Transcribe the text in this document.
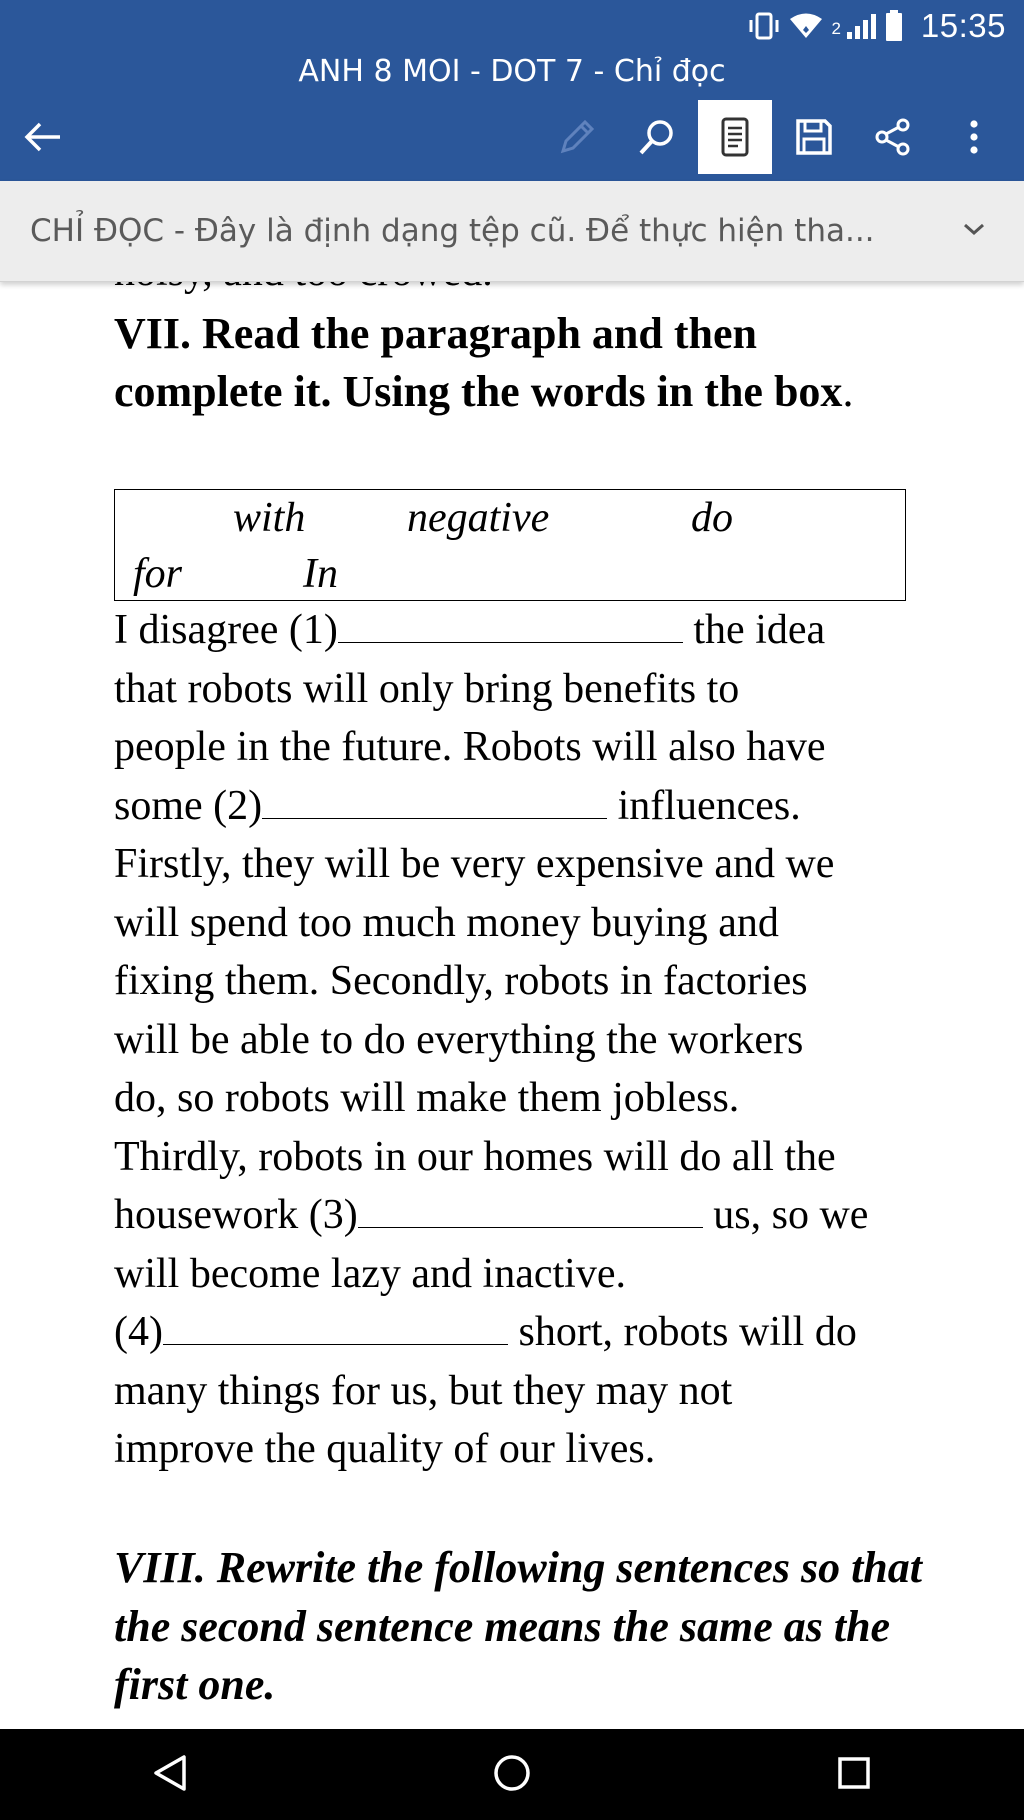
2 15:35
ANH 8 MOI - DOT 7 - Chỉ đọc
CHỈ ĐỌC - Đây là định dạng tệp cũ. Để thực hiện tha...
VII. Read the paragraph and then complete it. Using the words in the box.
with negative	do
for	In
I disagree (1)	the idea
that robots will only bring benefits to
people in the future. Robots will also have
some (2)	influences.
Firstly, they will be very expensive and we
will spend too much money buying and
fixing them. Secondly, robots in factories
will be able to do everything the workers
do, so robots will make them jobless.
Thirdly, robots in our homes will do all the
housework (3)	us, so we
will become lazy and inactive.
(4)	short, robots will do
many things for us, but they may not
improve the quality of our lives.
VIII. Rewrite the following sentences so that the second sentence means the same as the first one.
